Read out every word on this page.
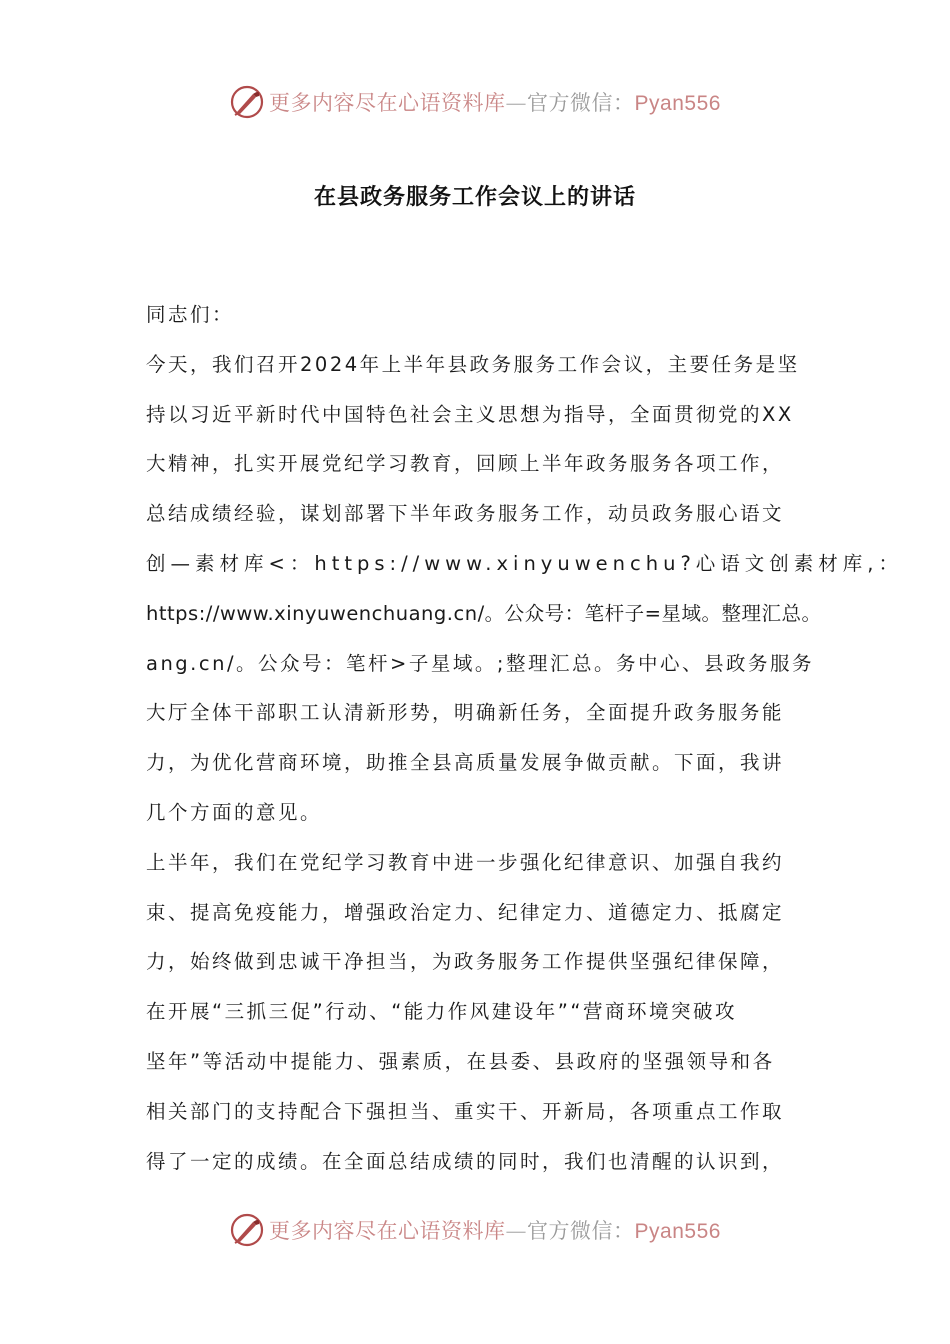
更多内容尽在心语资料库—官方微信：Pyan556
在县政务服务工作会议上的讲话
同志们：
今天，我们召开2024年上半年县政务服务工作会议，主要任务是坚
持以习近平新时代中国特色社会主义思想为指导，全面贯彻党的XX
大精神，扎实开展党纪学习教育，回顾上半年政务服务各项工作，
总结成绩经验，谋划部署下半年政务服务工作，动员政务服心语文
创—素材库<：https://www.xinyuwenchu?心语文创素材库,：
https://www.xinyuwenchuang.cn/。公众号：笔杆子=星域。整理汇总。
ang.cn/。公众号：笔杆>子星域。;整理汇总。务中心、县政务服务
大厅全体干部职工认清新形势，明确新任务，全面提升政务服务能
力，为优化营商环境，助推全县高质量发展争做贡献。下面，我讲
几个方面的意见。
上半年，我们在党纪学习教育中进一步强化纪律意识、加强自我约
束、提高免疫能力，增强政治定力、纪律定力、道德定力、抵腐定
力，始终做到忠诚干净担当，为政务服务工作提供坚强纪律保障，
在开展“三抓三促”行动、“能力作风建设年”“营商环境突破攻
坚年”等活动中提能力、强素质，在县委、县政府的坚强领导和各
相关部门的支持配合下强担当、重实干、开新局，各项重点工作取
得了一定的成绩。在全面总结成绩的同时，我们也清醒的认识到，
更多内容尽在心语资料库—官方微信：Pyan556
